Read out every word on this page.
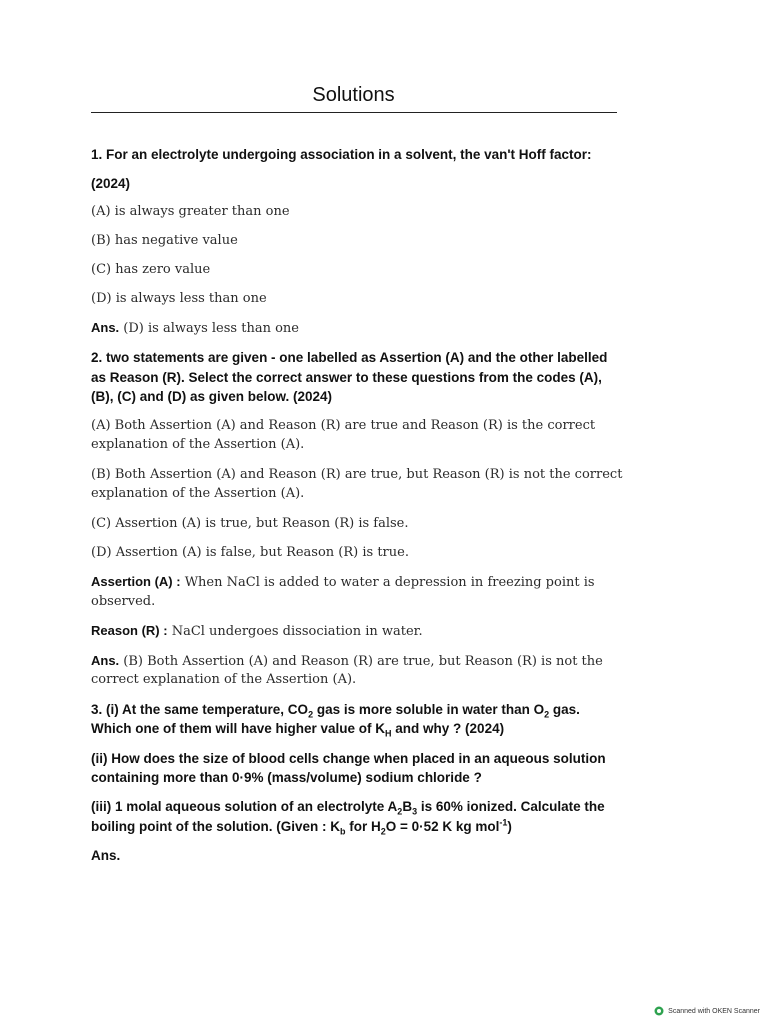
Solutions
1. For an electrolyte undergoing association in a solvent, the van't Hoff factor:
(2024)
(A) is always greater than one
(B) has negative value
(C) has zero value
(D) is always less than one
Ans. (D) is always less than one
2. two statements are given - one labelled as Assertion (A) and the other labelled
as Reason (R). Select the correct answer to these questions from the codes (A),
(B), (C) and (D) as given below. (2024)
(A) Both Assertion (A) and Reason (R) are true and Reason (R) is the correct
explanation of the Assertion (A).
(B) Both Assertion (A) and Reason (R) are true, but Reason (R) is not the correct
explanation of the Assertion (A).
(C) Assertion (A) is true, but Reason (R) is false.
(D) Assertion (A) is false, but Reason (R) is true.
Assertion (A) : When NaCl is added to water a depression in freezing point is
observed.
Reason (R) : NaCl undergoes dissociation in water.
Ans. (B) Both Assertion (A) and Reason (R) are true, but Reason (R) is not the
correct explanation of the Assertion (A).
3. (i) At the same temperature, $CO_2$ gas is more soluble in water than $O_2$ gas.
Which one of them will have higher value of $K_H$ and why ? (2024)
(ii) How does the size of blood cells change when placed in an aqueous solution
containing more than 0·9% (mass/volume) sodium chloride ?
(iii) 1 molal aqueous solution of an electrolyte $A_2B_3$ is 60% ionized. Calculate the
boiling point of the solution. (Given : $K_b$ for $H_2O = 0\cdot 52$ K kg mol$^{-1}$)
Ans.
Scanned with OKEN Scanner
